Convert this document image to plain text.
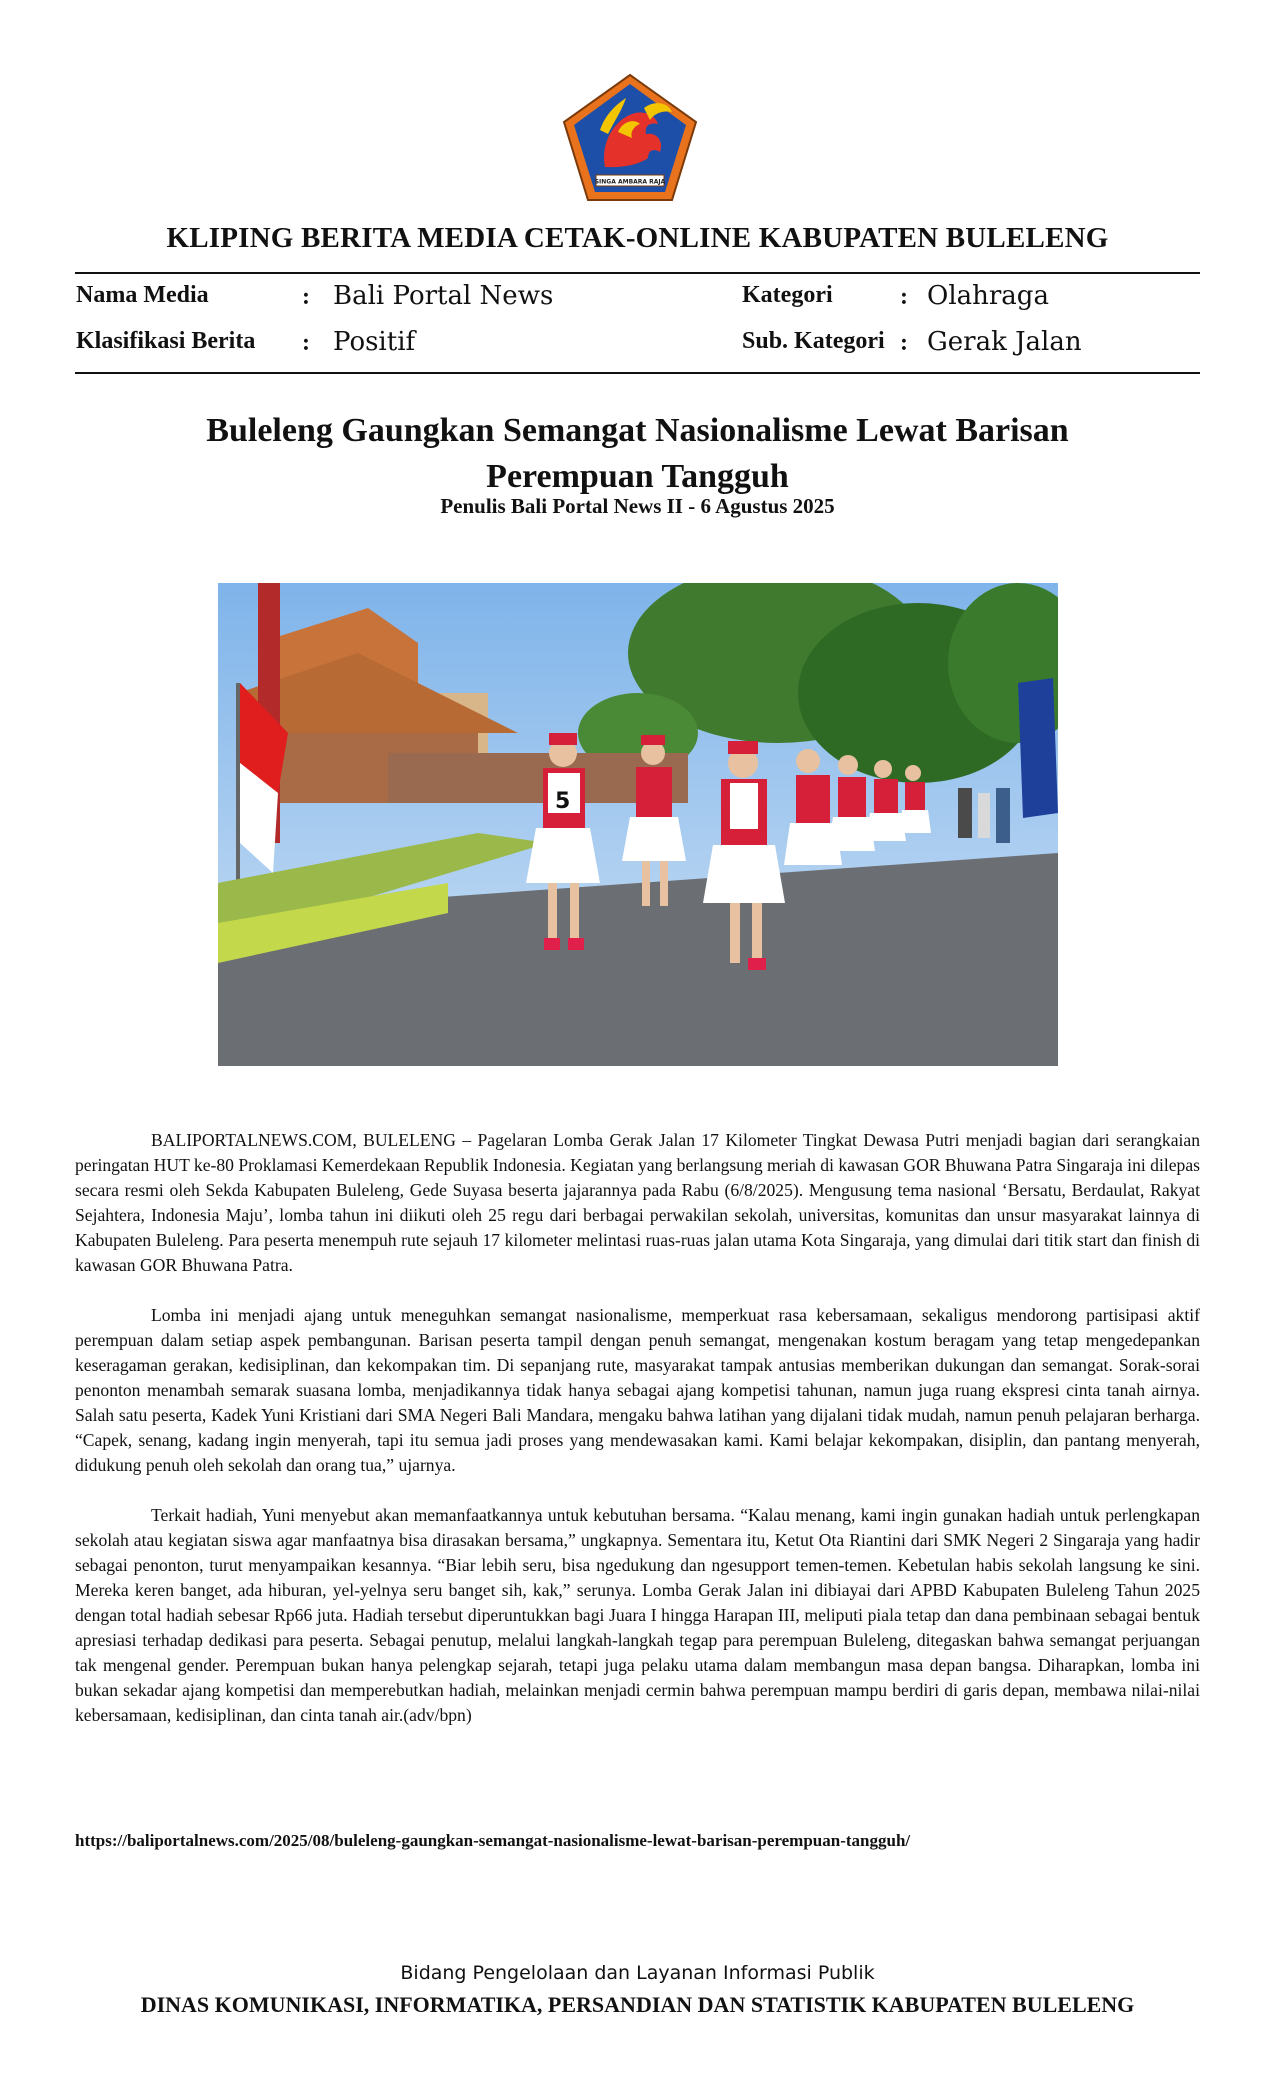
SINGA AMBARA RAJA
KLIPING BERITA MEDIA CETAK-ONLINE KABUPATEN BULELENG
Nama Media	: Bali Portal News	Kategori	: Olahraga
Klasifikasi Berita : Positif	Sub. Kategori : Gerak Jalan
Buleleng Gaungkan Semangat Nasionalisme Lewat Barisan Perempuan Tangguh
Penulis Bali Portal News II - 6 Agustus 2025
5

BALIPORTALNEWS.COM, BULELENG – Pagelaran Lomba Gerak Jalan 17 Kilometer Tingkat Dewasa Putri menjadi bagian dari serangkaian peringatan HUT ke-80 Proklamasi Kemerdekaan Republik Indonesia. Kegiatan yang berlangsung meriah di kawasan GOR Bhuwana Patra Singaraja ini dilepas secara resmi oleh Sekda Kabupaten Buleleng, Gede Suyasa beserta jajarannya pada Rabu (6/8/2025). Mengusung tema nasional ‘Bersatu, Berdaulat, Rakyat Sejahtera, Indonesia Maju’, lomba tahun ini diikuti oleh 25 regu dari berbagai perwakilan sekolah, universitas, komunitas dan unsur masyarakat lainnya di Kabupaten Buleleng. Para peserta menempuh rute sejauh 17 kilometer melintasi ruas-ruas jalan utama Kota Singaraja, yang dimulai dari titik start dan finish di kawasan GOR Bhuwana Patra.

Lomba ini menjadi ajang untuk meneguhkan semangat nasionalisme, memperkuat rasa kebersamaan, sekaligus mendorong partisipasi aktif perempuan dalam setiap aspek pembangunan. Barisan peserta tampil dengan penuh semangat, mengenakan kostum beragam yang tetap mengedepankan keseragaman gerakan, kedisiplinan, dan kekompakan tim. Di sepanjang rute, masyarakat tampak antusias memberikan dukungan dan semangat. Sorak-sorai penonton menambah semarak suasana lomba, menjadikannya tidak hanya sebagai ajang kompetisi tahunan, namun juga ruang ekspresi cinta tanah airnya. Salah satu peserta, Kadek Yuni Kristiani dari SMA Negeri Bali Mandara, mengaku bahwa latihan yang dijalani tidak mudah, namun penuh pelajaran berharga. “Capek, senang, kadang ingin menyerah, tapi itu semua jadi proses yang mendewasakan kami. Kami belajar kekompakan, disiplin, dan pantang menyerah, didukung penuh oleh sekolah dan orang tua,” ujarnya.

Terkait hadiah, Yuni menyebut akan memanfaatkannya untuk kebutuhan bersama. “Kalau menang, kami ingin gunakan hadiah untuk perlengkapan sekolah atau kegiatan siswa agar manfaatnya bisa dirasakan bersama,” ungkapnya. Sementara itu, Ketut Ota Riantini dari SMK Negeri 2 Singaraja yang hadir sebagai penonton, turut menyampaikan kesannya. “Biar lebih seru, bisa ngedukung dan ngesupport temen-temen. Kebetulan habis sekolah langsung ke sini. Mereka keren banget, ada hiburan, yel-yelnya seru banget sih, kak,” serunya. Lomba Gerak Jalan ini dibiayai dari APBD Kabupaten Buleleng Tahun 2025 dengan total hadiah sebesar Rp66 juta. Hadiah tersebut diperuntukkan bagi Juara I hingga Harapan III, meliputi piala tetap dan dana pembinaan sebagai bentuk apresiasi terhadap dedikasi para peserta. Sebagai penutup, melalui langkah-langkah tegap para perempuan Buleleng, ditegaskan bahwa semangat perjuangan tak mengenal gender. Perempuan bukan hanya pelengkap sejarah, tetapi juga pelaku utama dalam membangun masa depan bangsa. Diharapkan, lomba ini bukan sekadar ajang kompetisi dan memperebutkan hadiah, melainkan menjadi cermin bahwa perempuan mampu berdiri di garis depan, membawa nilai-nilai kebersamaan, kedisiplinan, dan cinta tanah air.(adv/bpn)

https://baliportalnews.com/2025/08/buleleng-gaungkan-semangat-nasionalisme-lewat-barisan-perempuan-tangguh/
Bidang Pengelolaan dan Layanan Informasi Publik
DINAS KOMUNIKASI, INFORMATIKA, PERSANDIAN DAN STATISTIK KABUPATEN BULELENG
